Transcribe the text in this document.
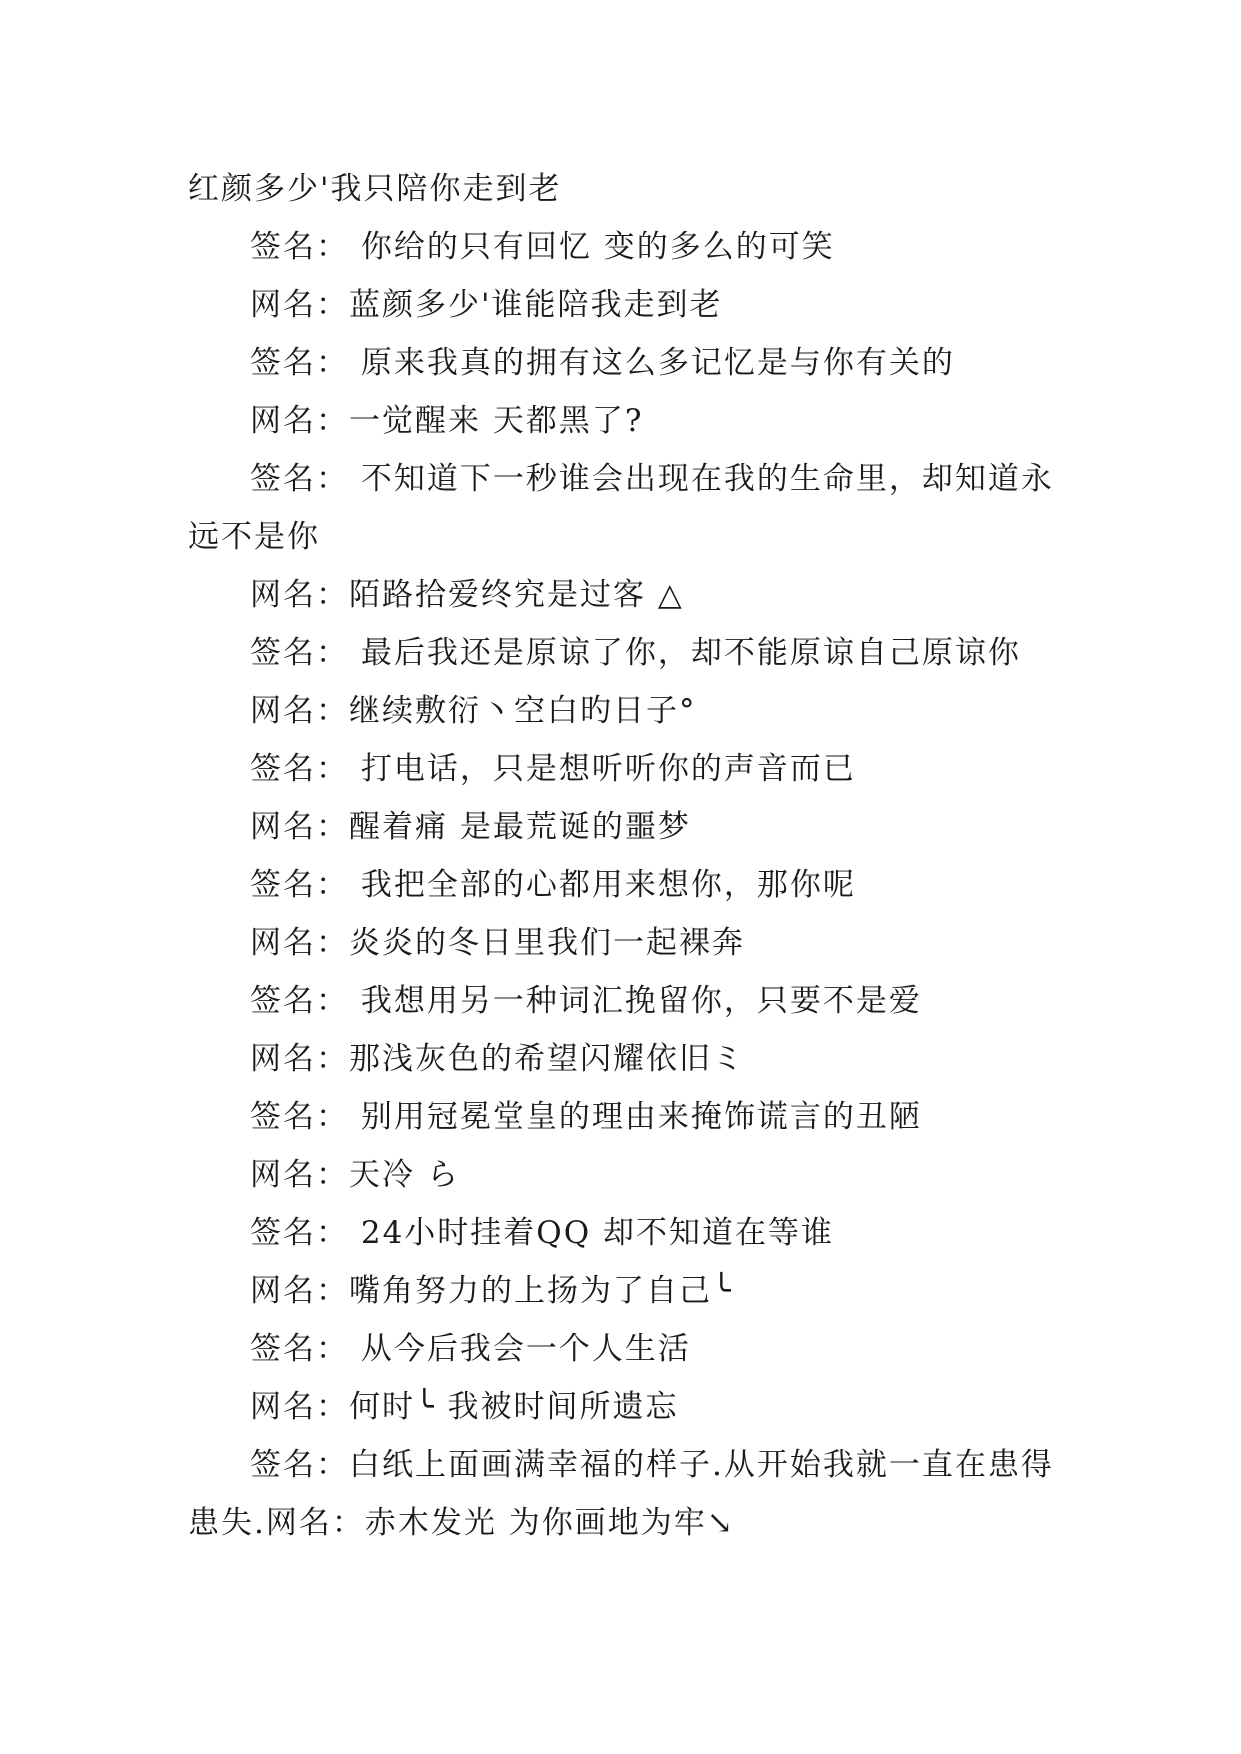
红颜多少'我只陪你走到老

签名： 你给的只有回忆 变的多么的可笑

网名：蓝颜多少'谁能陪我走到老

签名： 原来我真的拥有这么多记忆是与你有关的

网名：一觉醒来 天都黑了?

签名： 不知道下一秒谁会出现在我的生命里，却知道永远不是你

网名：陌路拾爱终究是过客 △

签名： 最后我还是原谅了你，却不能原谅自己原谅你

网名：继续敷衍丶空白旳日子°

签名： 打电话，只是想听听你的声音而已

网名：醒着痛 是最荒诞的噩梦

签名： 我把全部的心都用来想你，那你呢

网名：炎炎的冬日里我们一起裸奔

签名： 我想用另一种词汇挽留你，只要不是爱

网名：那浅灰色的希望闪耀依旧ミ

签名： 别用冠冕堂皇的理由来掩饰谎言的丑陋

网名：天冷 ら

签名： 24小时挂着QQ 却不知道在等谁

网名：嘴角努力的上扬为了自己╰

签名： 从今后我会一个人生活

网名：何时╰ 我被时间所遗忘

签名：白纸上面画满幸福的样子.从开始我就一直在患得患失.网名：赤木发光 为你画地为牢↘
